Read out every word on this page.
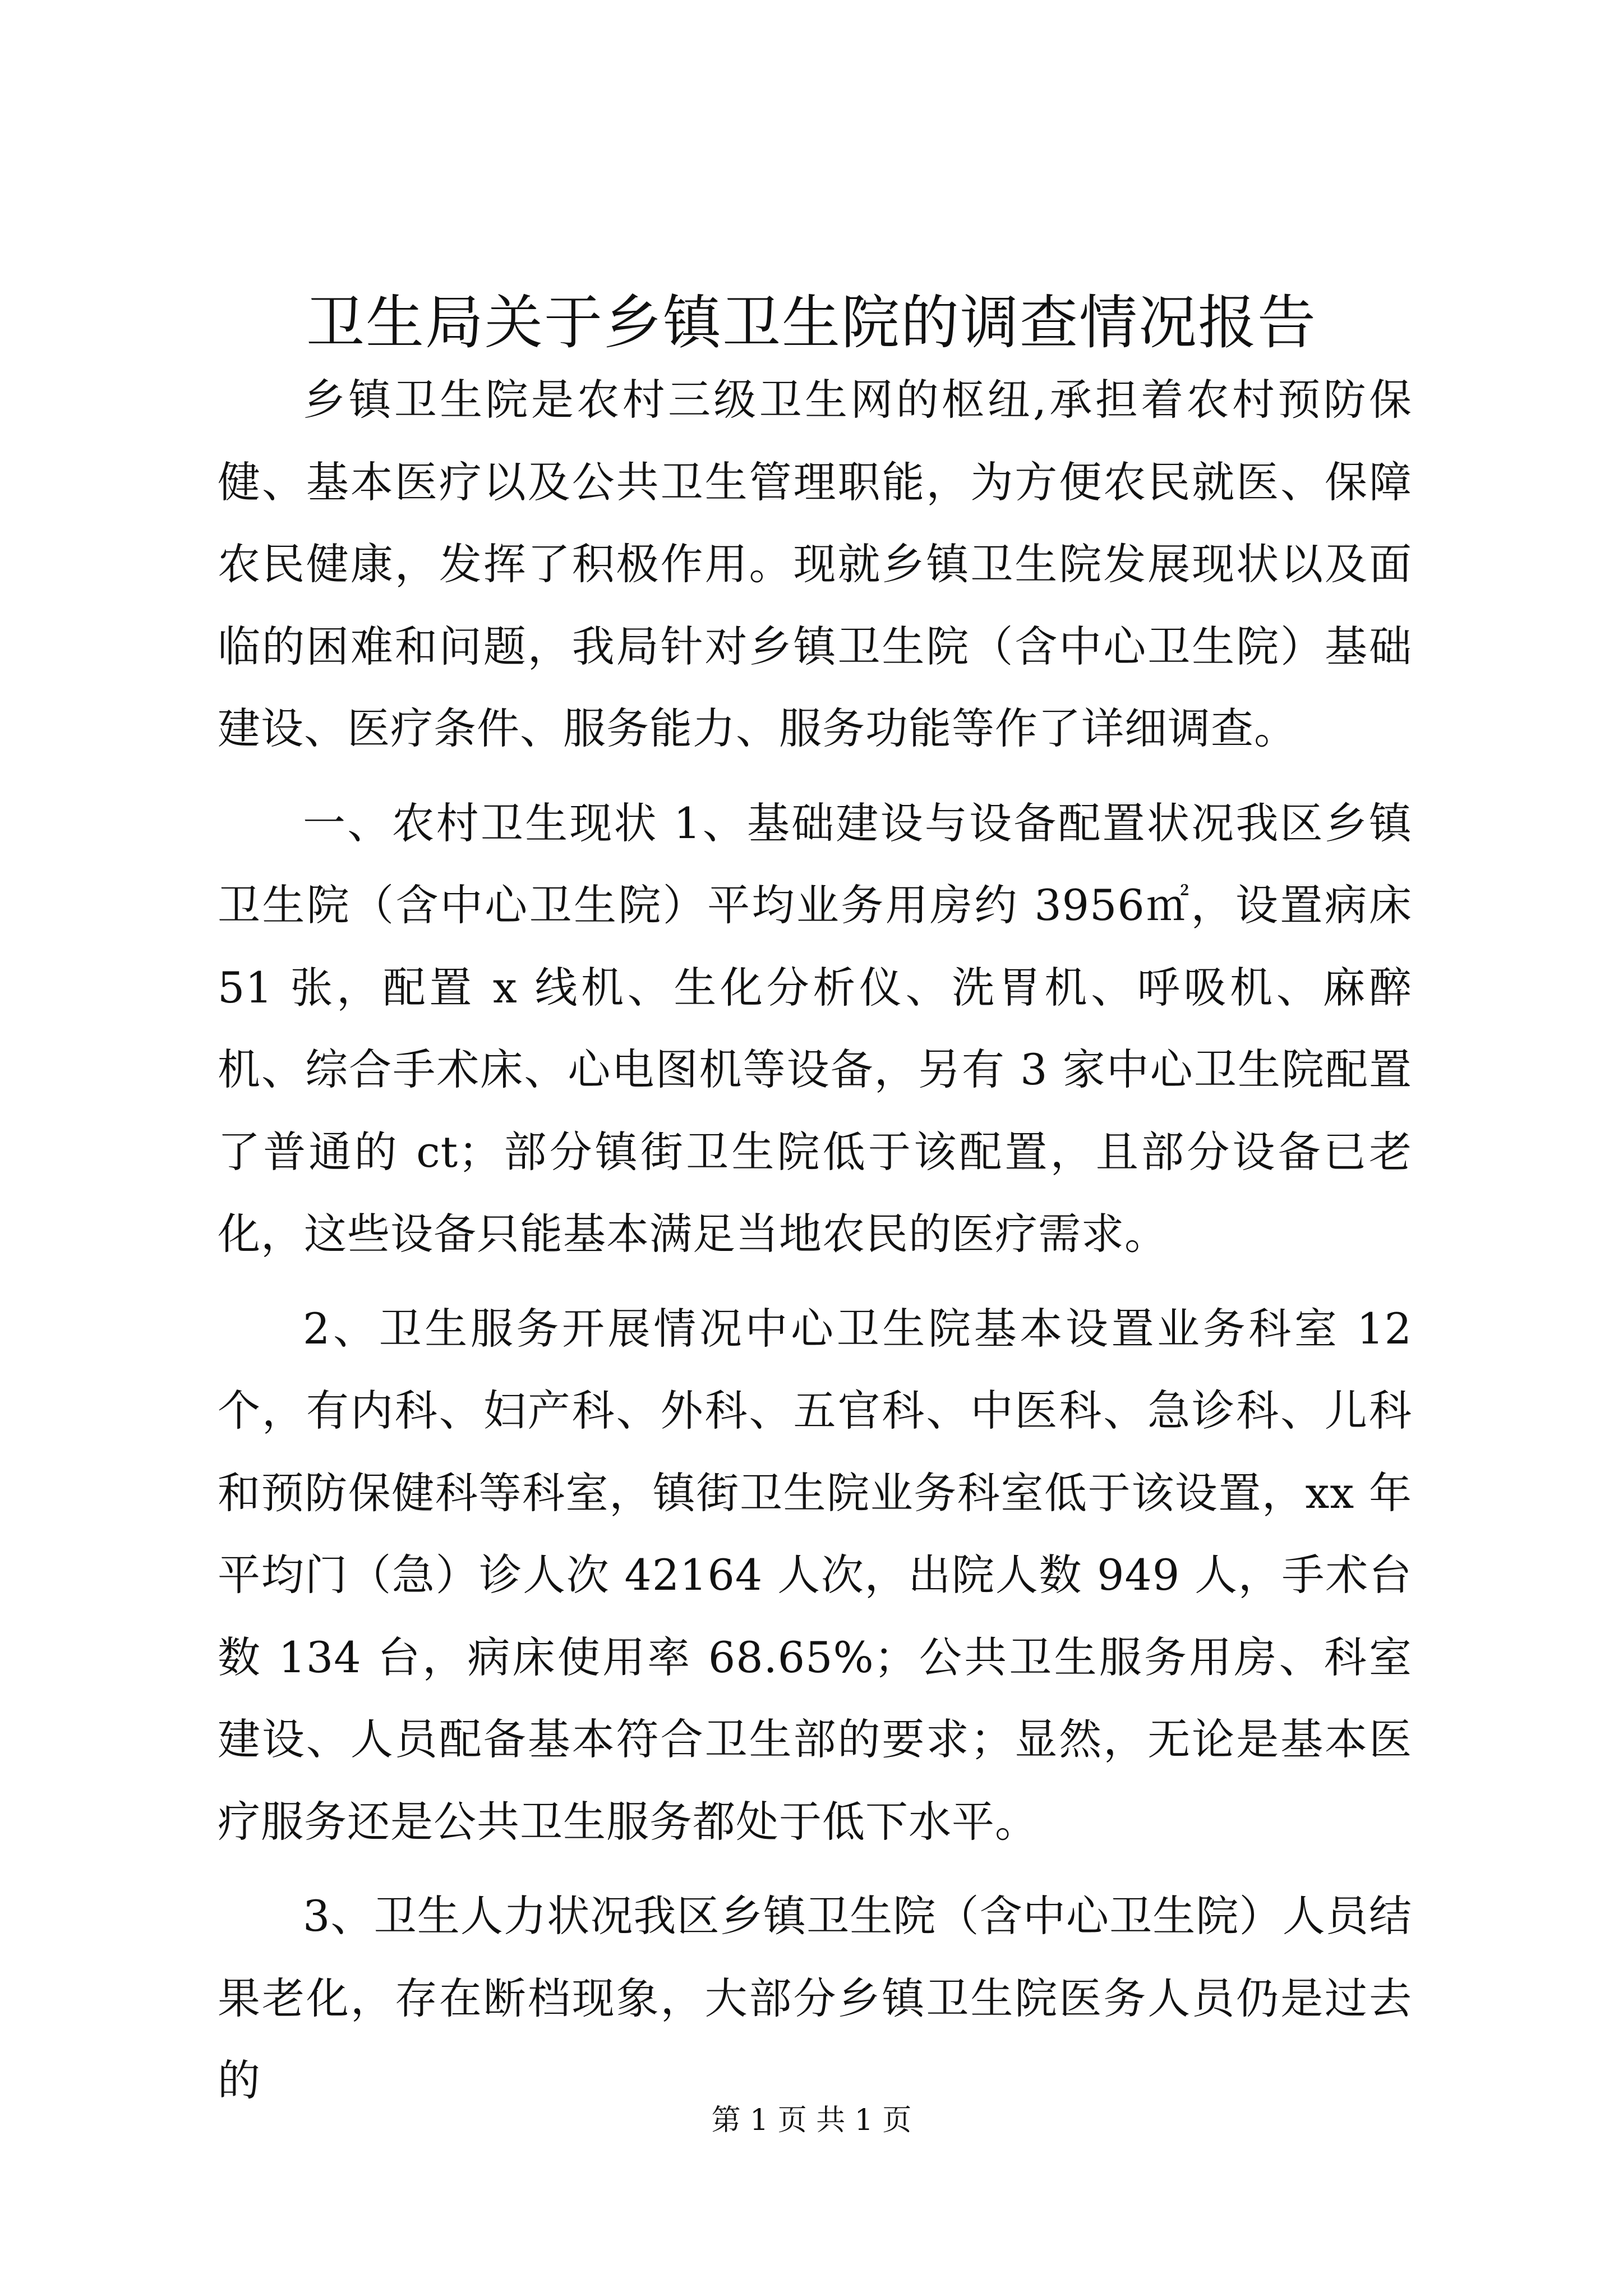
卫生局关于乡镇卫生院的调查情况报告

乡镇卫生院是农村三级卫生网的枢纽,承担着农村预防保健、基本医疗以及公共卫生管理职能，为方便农民就医、保障农民健康，发挥了积极作用。现就乡镇卫生院发展现状以及面临的困难和问题，我局针对乡镇卫生院（含中心卫生院）基础建设、医疗条件、服务能力、服务功能等作了详细调查。

一、农村卫生现状 1、基础建设与设备配置状况我区乡镇卫生院（含中心卫生院）平均业务用房约 3956㎡，设置病床 51 张，配置 x 线机、生化分析仪、洗胃机、呼吸机、麻醉机、综合手术床、心电图机等设备，另有 3 家中心卫生院配置了普通的 ct；部分镇街卫生院低于该配置，且部分设备已老化，这些设备只能基本满足当地农民的医疗需求。

2、卫生服务开展情况中心卫生院基本设置业务科室 12 个，有内科、妇产科、外科、五官科、中医科、急诊科、儿科和预防保健科等科室，镇街卫生院业务科室低于该设置，xx 年平均门（急）诊人次 42164 人次，出院人数 949 人，手术台数 134 台，病床使用率 68.65%；公共卫生服务用房、科室建设、人员配备基本符合卫生部的要求；显然，无论是基本医疗服务还是公共卫生服务都处于低下水平。

3、卫生人力状况我区乡镇卫生院（含中心卫生院）人员结果老化，存在断档现象，大部分乡镇卫生院医务人员仍是过去的

第 1 页 共 1 页
